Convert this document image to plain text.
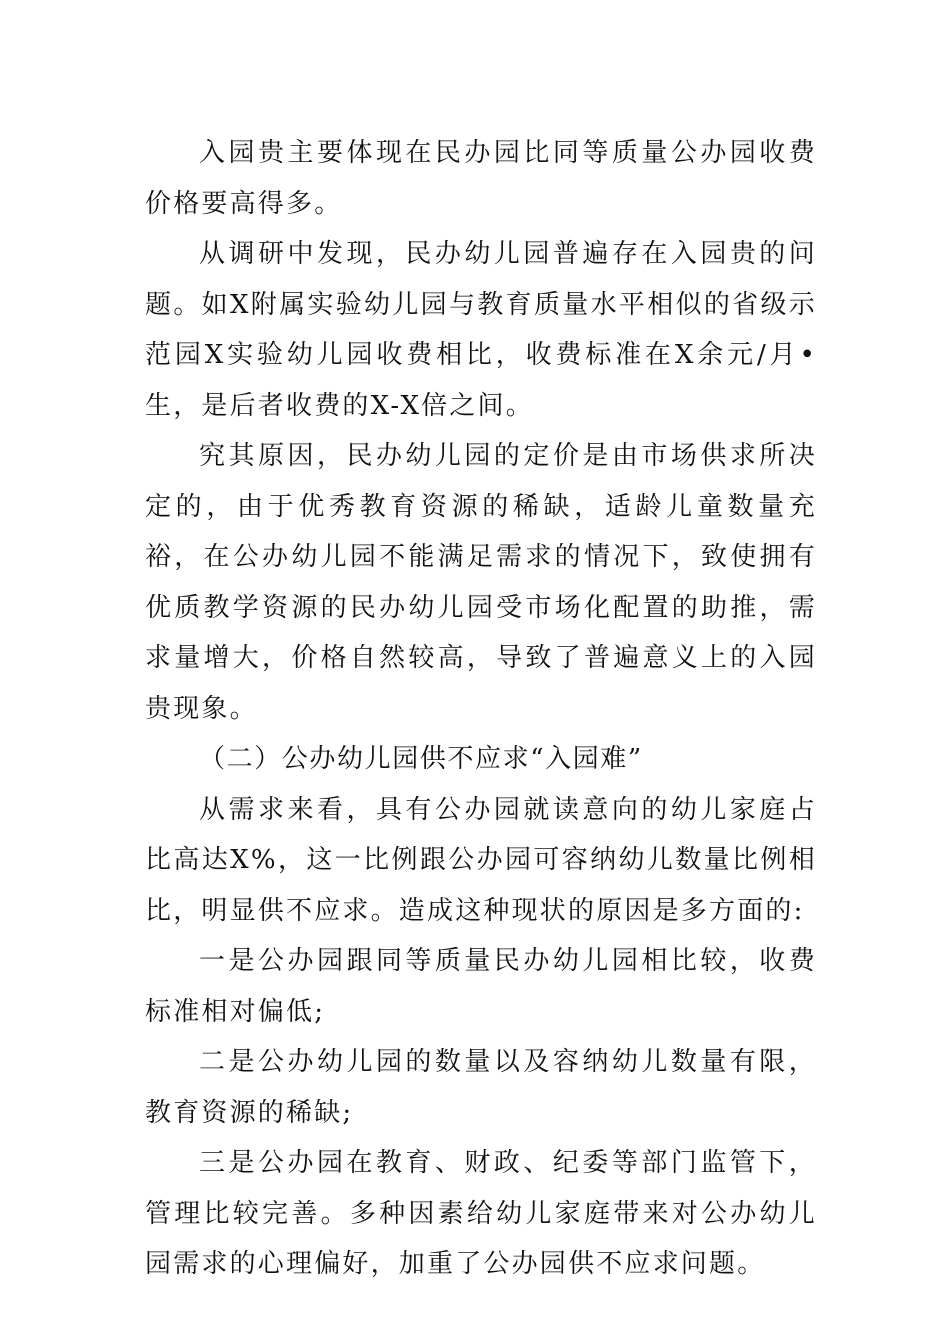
入园贵主要体现在民办园比同等质量公办园收费价格要高得多。

从调研中发现，民办幼儿园普遍存在入园贵的问题。如X附属实验幼儿园与教育质量水平相似的省级示范园X实验幼儿园收费相比，收费标准在X余元/月•生，是后者收费的X-X倍之间。

究其原因，民办幼儿园的定价是由市场供求所决定的，由于优秀教育资源的稀缺，适龄儿童数量充裕，在公办幼儿园不能满足需求的情况下，致使拥有优质教学资源的民办幼儿园受市场化配置的助推，需求量增大，价格自然较高，导致了普遍意义上的入园贵现象。

（二）公办幼儿园供不应求“入园难”

从需求来看，具有公办园就读意向的幼儿家庭占比高达X%，这一比例跟公办园可容纳幼儿数量比例相比，明显供不应求。造成这种现状的原因是多方面的:

一是公办园跟同等质量民办幼儿园相比较，收费标准相对偏低;

二是公办幼儿园的数量以及容纳幼儿数量有限，教育资源的稀缺;

三是公办园在教育、财政、纪委等部门监管下，管理比较完善。多种因素给幼儿家庭带来对公办幼儿园需求的心理偏好，加重了公办园供不应求问题。
